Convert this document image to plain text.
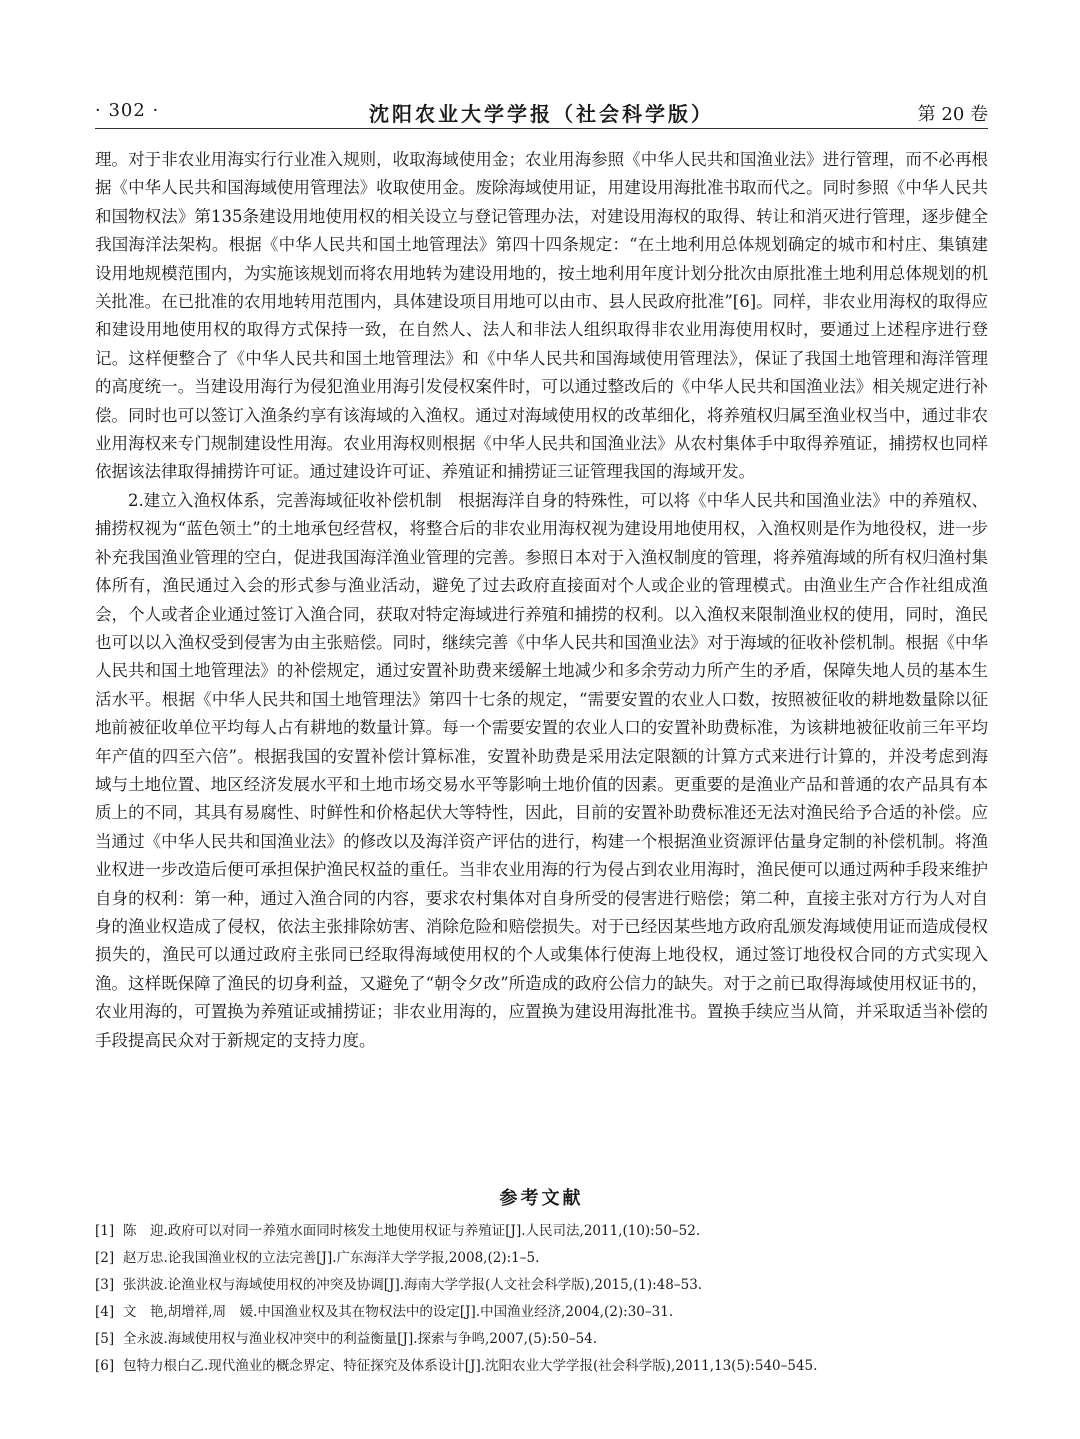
· 302 ·	沈阳农业大学学报（社会科学版）	第 20 卷

理。对于非农业用海实行行业准入规则，收取海域使用金；农业用海参照《中华人民共和国渔业法》进行管理，而不必再根据《中华人民共和国海域使用管理法》收取使用金。废除海域使用证，用建设用海批准书取而代之。同时参照《中华人民共和国物权法》第135条建设用地使用权的相关设立与登记管理办法，对建设用海权的取得、转让和消灭进行管理，逐步健全我国海洋法架构。根据《中华人民共和国土地管理法》第四十四条规定：“在土地利用总体规划确定的城市和村庄、集镇建设用地规模范围内，为实施该规划而将农用地转为建设用地的，按土地利用年度计划分批次由原批准土地利用总体规划的机关批准。在已批准的农用地转用范围内，具体建设项目用地可以由市、县人民政府批准”[6]。同样，非农业用海权的取得应和建设用地使用权的取得方式保持一致，在自然人、法人和非法人组织取得非农业用海使用权时，要通过上述程序进行登记。这样便整合了《中华人民共和国土地管理法》和《中华人民共和国海域使用管理法》，保证了我国土地管理和海洋管理的高度统一。当建设用海行为侵犯渔业用海引发侵权案件时，可以通过整改后的《中华人民共和国渔业法》相关规定进行补偿。同时也可以签订入渔条约享有该海域的入渔权。通过对海域使用权的改革细化，将养殖权归属至渔业权当中，通过非农业用海权来专门规制建设性用海。农业用海权则根据《中华人民共和国渔业法》从农村集体手中取得养殖证，捕捞权也同样依据该法律取得捕捞许可证。通过建设许可证、养殖证和捕捞证三证管理我国的海域开发。

2.建立入渔权体系，完善海域征收补偿机制　根据海洋自身的特殊性，可以将《中华人民共和国渔业法》中的养殖权、捕捞权视为“蓝色领土”的土地承包经营权，将整合后的非农业用海权视为建设用地使用权，入渔权则是作为地役权，进一步补充我国渔业管理的空白，促进我国海洋渔业管理的完善。参照日本对于入渔权制度的管理，将养殖海域的所有权归渔村集体所有，渔民通过入会的形式参与渔业活动，避免了过去政府直接面对个人或企业的管理模式。由渔业生产合作社组成渔会，个人或者企业通过签订入渔合同，获取对特定海域进行养殖和捕捞的权利。以入渔权来限制渔业权的使用，同时，渔民也可以以入渔权受到侵害为由主张赔偿。同时，继续完善《中华人民共和国渔业法》对于海域的征收补偿机制。根据《中华人民共和国土地管理法》的补偿规定，通过安置补助费来缓解土地减少和多余劳动力所产生的矛盾，保障失地人员的基本生活水平。根据《中华人民共和国土地管理法》第四十七条的规定，“需要安置的农业人口数，按照被征收的耕地数量除以征地前被征收单位平均每人占有耕地的数量计算。每一个需要安置的农业人口的安置补助费标准，为该耕地被征收前三年平均年产值的四至六倍”。根据我国的安置补偿计算标准，安置补助费是采用法定限额的计算方式来进行计算的，并没考虑到海域与土地位置、地区经济发展水平和土地市场交易水平等影响土地价值的因素。更重要的是渔业产品和普通的农产品具有本质上的不同，其具有易腐性、时鲜性和价格起伏大等特性，因此，目前的安置补助费标准还无法对渔民给予合适的补偿。应当通过《中华人民共和国渔业法》的修改以及海洋资产评估的进行，构建一个根据渔业资源评估量身定制的补偿机制。将渔业权进一步改造后便可承担保护渔民权益的重任。当非农业用海的行为侵占到农业用海时，渔民便可以通过两种手段来维护自身的权利：第一种，通过入渔合同的内容，要求农村集体对自身所受的侵害进行赔偿；第二种，直接主张对方行为人对自身的渔业权造成了侵权，依法主张排除妨害、消除危险和赔偿损失。对于已经因某些地方政府乱颁发海域使用证而造成侵权损失的，渔民可以通过政府主张同已经取得海域使用权的个人或集体行使海上地役权，通过签订地役权合同的方式实现入渔。这样既保障了渔民的切身利益，又避免了“朝令夕改”所造成的政府公信力的缺失。对于之前已取得海域使用权证书的，农业用海的，可置换为养殖证或捕捞证；非农业用海的，应置换为建设用海批准书。置换手续应当从简，并采取适当补偿的手段提高民众对于新规定的支持力度。

参考文献
[1] 陈　迎.政府可以对同一养殖水面同时核发土地使用权证与养殖证[J].人民司法,2011,(10):50–52.
[2] 赵万忠.论我国渔业权的立法完善[J].广东海洋大学学报,2008,(2):1–5.
[3] 张洪波.论渔业权与海域使用权的冲突及协调[J].海南大学学报(人文社会科学版),2015,(1):48–53.
[4] 文　艳,胡增祥,周　媛.中国渔业权及其在物权法中的设定[J].中国渔业经济,2004,(2):30–31.
[5] 全永波.海域使用权与渔业权冲突中的利益衡量[J].探索与争鸣,2007,(5):50–54.
[6] 包特力根白乙.现代渔业的概念界定、特征探究及体系设计[J].沈阳农业大学学报(社会科学版),2011,13(5):540–545.
